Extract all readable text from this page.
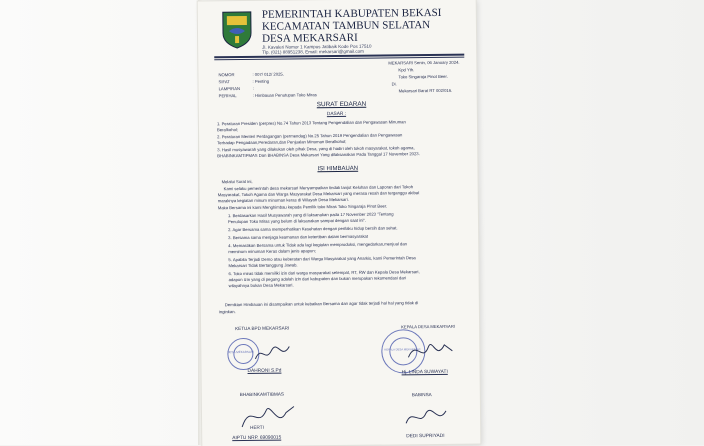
PEMERINTAH KABUPATEN BEKASI
KECAMATAN TAMBUN SELATAN
DESA MEKARSARI
Jl. Kavaleri Nomor 1 Kampus Jatibaik Kode Pos 17510
Tlp. (021) 88951238, Email: mekarsari@gmail.com
NOMOR	: 007/ 012/ 2025.
SIFAT	: Penting
LAMPIRAN	:
PERIHAL	: Himbauan Penutupan Toko Miras
MEKARSARI Senin, 06 January 2024.
Kpd Yth.
Toko Singaraja Pinot Beer.
Di.
Mekarsari Barat RT 002/016.
SURAT EDARAN
DASAR :
1. Peraturan Presiden (perpres) No.74 Tahun 2013 Tentang Pengendalian dan Pengawasan Minuman
Beralkohol;
2. Peraturan Menteri Perdagangan (permendag) No.25 Tahun 2019 Pengendalian dan Pengawasan
Terhadap Pengadaan,Peredaran,dan Penjualan Minuman Beralkohol;
3. Hasil musyawarah yang dilakukan oleh pihak Desa, yang di hadiri oleh tokoh masyarakat, tokoh agama,
BHABINKAMTIPMAS Dan BHABINSA Desa Mekarsari Yang dilaksanakan Pada Tanggal 17 November 2023.
ISI HIMBAUAN
Melalui Surat ini,
Kami selaku pemerintah desa mekarsari Menyampaikan tindak lanjut Keluhan dan Laporan dari Tokoh
Masyarakat, Tokoh Agama dan Warga Masyarakat Desa Mekarsari yang merasa resah dan terganggu akibat
maraknya kegiatan minum minuman keras di Wilayah Desa Mekarsari.
Maka Bersama ini kami Menghimbau kepada Pemilik toko Miras Toko Singaraja Pinot Beer.
1. Berdasarkan Hasil Musyawarah yang di laksanakan pada 17 November 2023 "Tentang
Penutupan Toko Miras yang belum di laksanakan sampai dengan saat ini".
2. Agar Bersama sama memperhatikan Kesehatan dengan perilaku hidup bersih dan sehat.
3. Bersama sama menjaga keamanan dan ketertiban dalam bermasyarakat
4. Memastikan Bersama untuk Tidak ada lagi kegiatan memproduksi, mengedarkan,menjual dan
meminum minuman Keras dalam jenis apapun;
5. Apabila Terjadi Demo atau keberatan dari Warga Masyarakat yang Anarkis, kami Pemerintah Desa
Mekarsari Tidak Bertanggung Jawab.
6. Toko miras tidak memiliki izin dari warga masyarakat setempat, RT, RW dan Kepala Desa Mekarsari,
adapun izin yang di pegang adalah izin dari kabupaten dan bukan merupakan rekomendasi dari
wilayahnya bukan Desa Mekarsari.
Demikian Himbauan ini disampaikan untuk kebaikan Bersama dan agar tidak terjadi hal hal yang tidak di
inginkan.
KETUA BPD MEKARSARI
DESA MEKARSARI
DAHRONI S.Pd
KEPALA DESA MEKARSARI
KEPALA DESA MEKARSARI
Hj. LINDA SUWAYATI
BHABINKAMTIBMAS
HERTI
AIPTU NRP. 69090015
BABINSA
DEDI SUPRIYADI
